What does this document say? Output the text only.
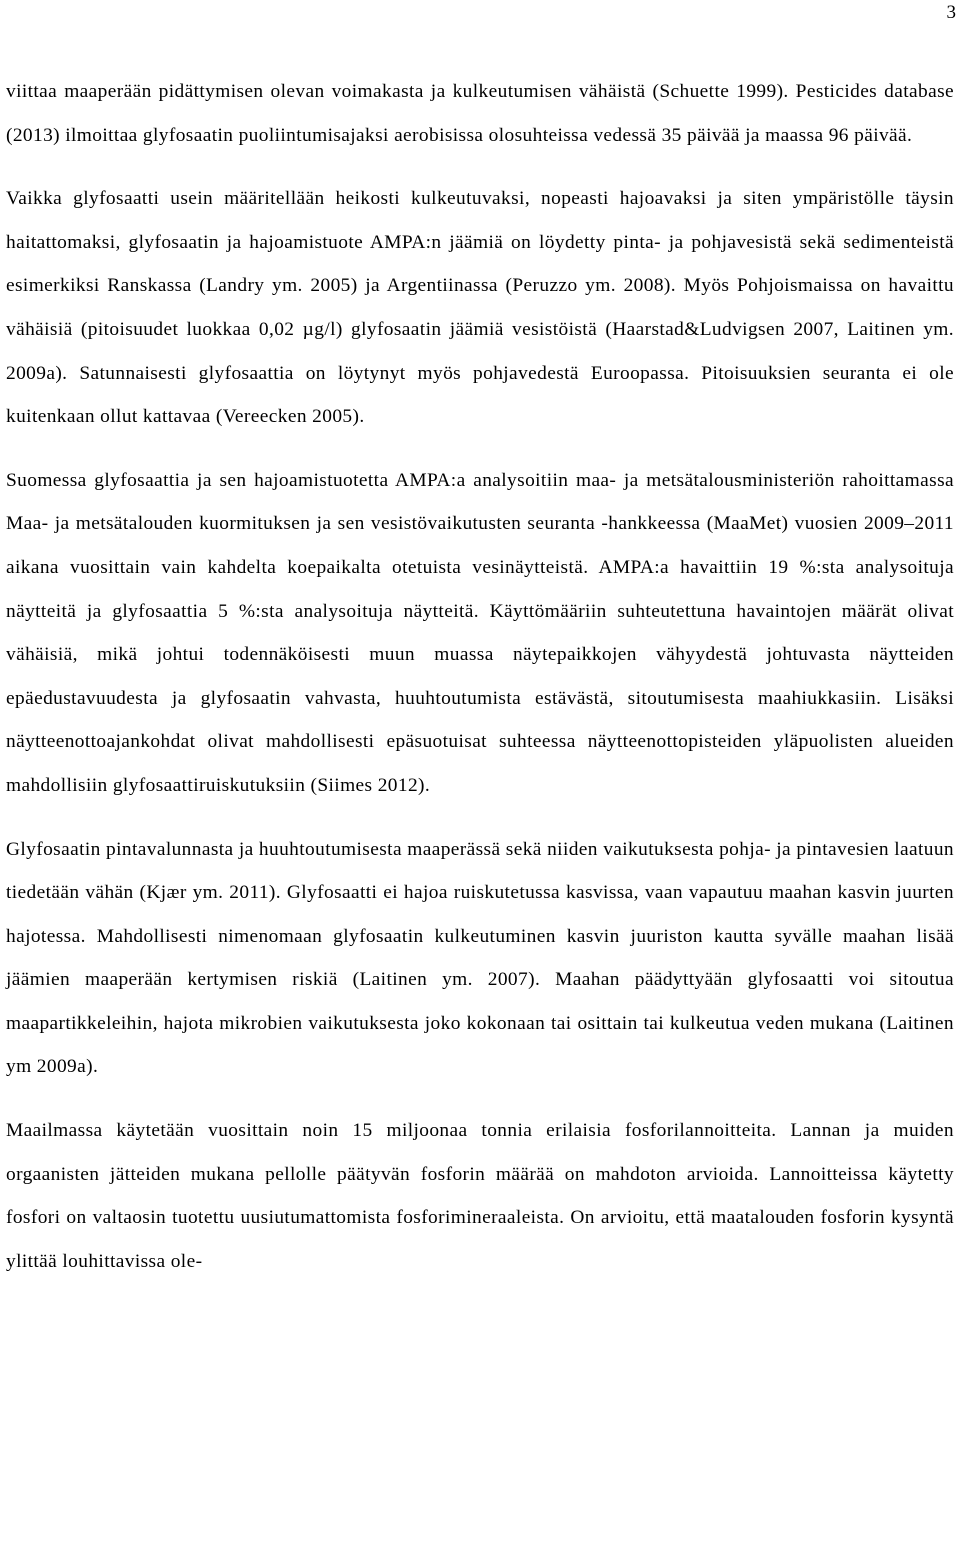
3

viittaa maaperään pidättymisen olevan voimakasta ja kulkeutumisen vähäistä (Schuette 1999). Pesticides database (2013) ilmoittaa glyfosaatin puoliintumisajaksi aerobisissa olosuhteissa vedessä 35 päivää ja maassa 96 päivää.

Vaikka glyfosaatti usein määritellään heikosti kulkeutuvaksi, nopeasti hajoavaksi ja siten ympäristölle täysin haitattomaksi, glyfosaatin ja hajoamistuote AMPA:n jäämiä on löydetty pinta- ja pohjavesistä sekä sedimenteistä esimerkiksi Ranskassa (Landry ym. 2005) ja Argentiinassa (Peruzzo ym. 2008). Myös Pohjoismaissa on havaittu vähäisiä (pitoisuudet luokkaa 0,02 µg/l) glyfosaatin jäämiä vesistöistä (Haarstad&Ludvigsen 2007, Laitinen ym. 2009a). Satunnaisesti glyfosaattia on löytynyt myös pohjavedestä Euroopassa. Pitoisuuksien seuranta ei ole kuitenkaan ollut kattavaa (Vereecken 2005).

Suomessa glyfosaattia ja sen hajoamistuotetta AMPA:a analysoitiin maa- ja metsätalousministeriön rahoittamassa Maa- ja metsätalouden kuormituksen ja sen vesistövaikutusten seuranta -hankkeessa (MaaMet) vuosien 2009–2011 aikana vuosittain vain kahdelta koepaikalta otetuista vesinäytteistä. AMPA:a havaittiin 19 %:sta analysoituja näytteitä ja glyfosaattia 5 %:sta analysoituja näytteitä. Käyttömääriin suhteutettuna havaintojen määrät olivat vähäisiä, mikä johtui todennäköisesti muun muassa näytepaikkojen vähyydestä johtuvasta näytteiden epäedustavuudesta ja glyfosaatin vahvasta, huuhtoutumista estävästä, sitoutumisesta maahiukkasiin. Lisäksi näytteenottoajankohdat olivat mahdollisesti epäsuotuisat suhteessa näytteenottopisteiden yläpuolisten alueiden mahdollisiin glyfosaattiruiskutuksiin (Siimes 2012).

Glyfosaatin pintavalunnasta ja huuhtoutumisesta maaperässä sekä niiden vaikutuksesta pohja- ja pintavesien laatuun tiedetään vähän (Kjær ym. 2011). Glyfosaatti ei hajoa ruiskutetussa kasvissa, vaan vapautuu maahan kasvin juurten hajotessa. Mahdollisesti nimenomaan glyfosaatin kulkeutuminen kasvin juuriston kautta syvälle maahan lisää jäämien maaperään kertymisen riskiä (Laitinen ym. 2007). Maahan päädyttyään glyfosaatti voi sitoutua maapartikkeleihin, hajota mikrobien vaikutuksesta joko kokonaan tai osittain tai kulkeutua veden mukana (Laitinen ym 2009a).

Maailmassa käytetään vuosittain noin 15 miljoonaa tonnia erilaisia fosforilannoitteita. Lannan ja muiden orgaanisten jätteiden mukana pellolle päätyvän fosforin määrää on mahdoton arvioida. Lannoitteissa käytetty fosfori on valtaosin tuotettu uusiutumattomista fosforimineraaleista. On arvioitu, että maatalouden fosforin kysyntä ylittää louhittavissa ole-
